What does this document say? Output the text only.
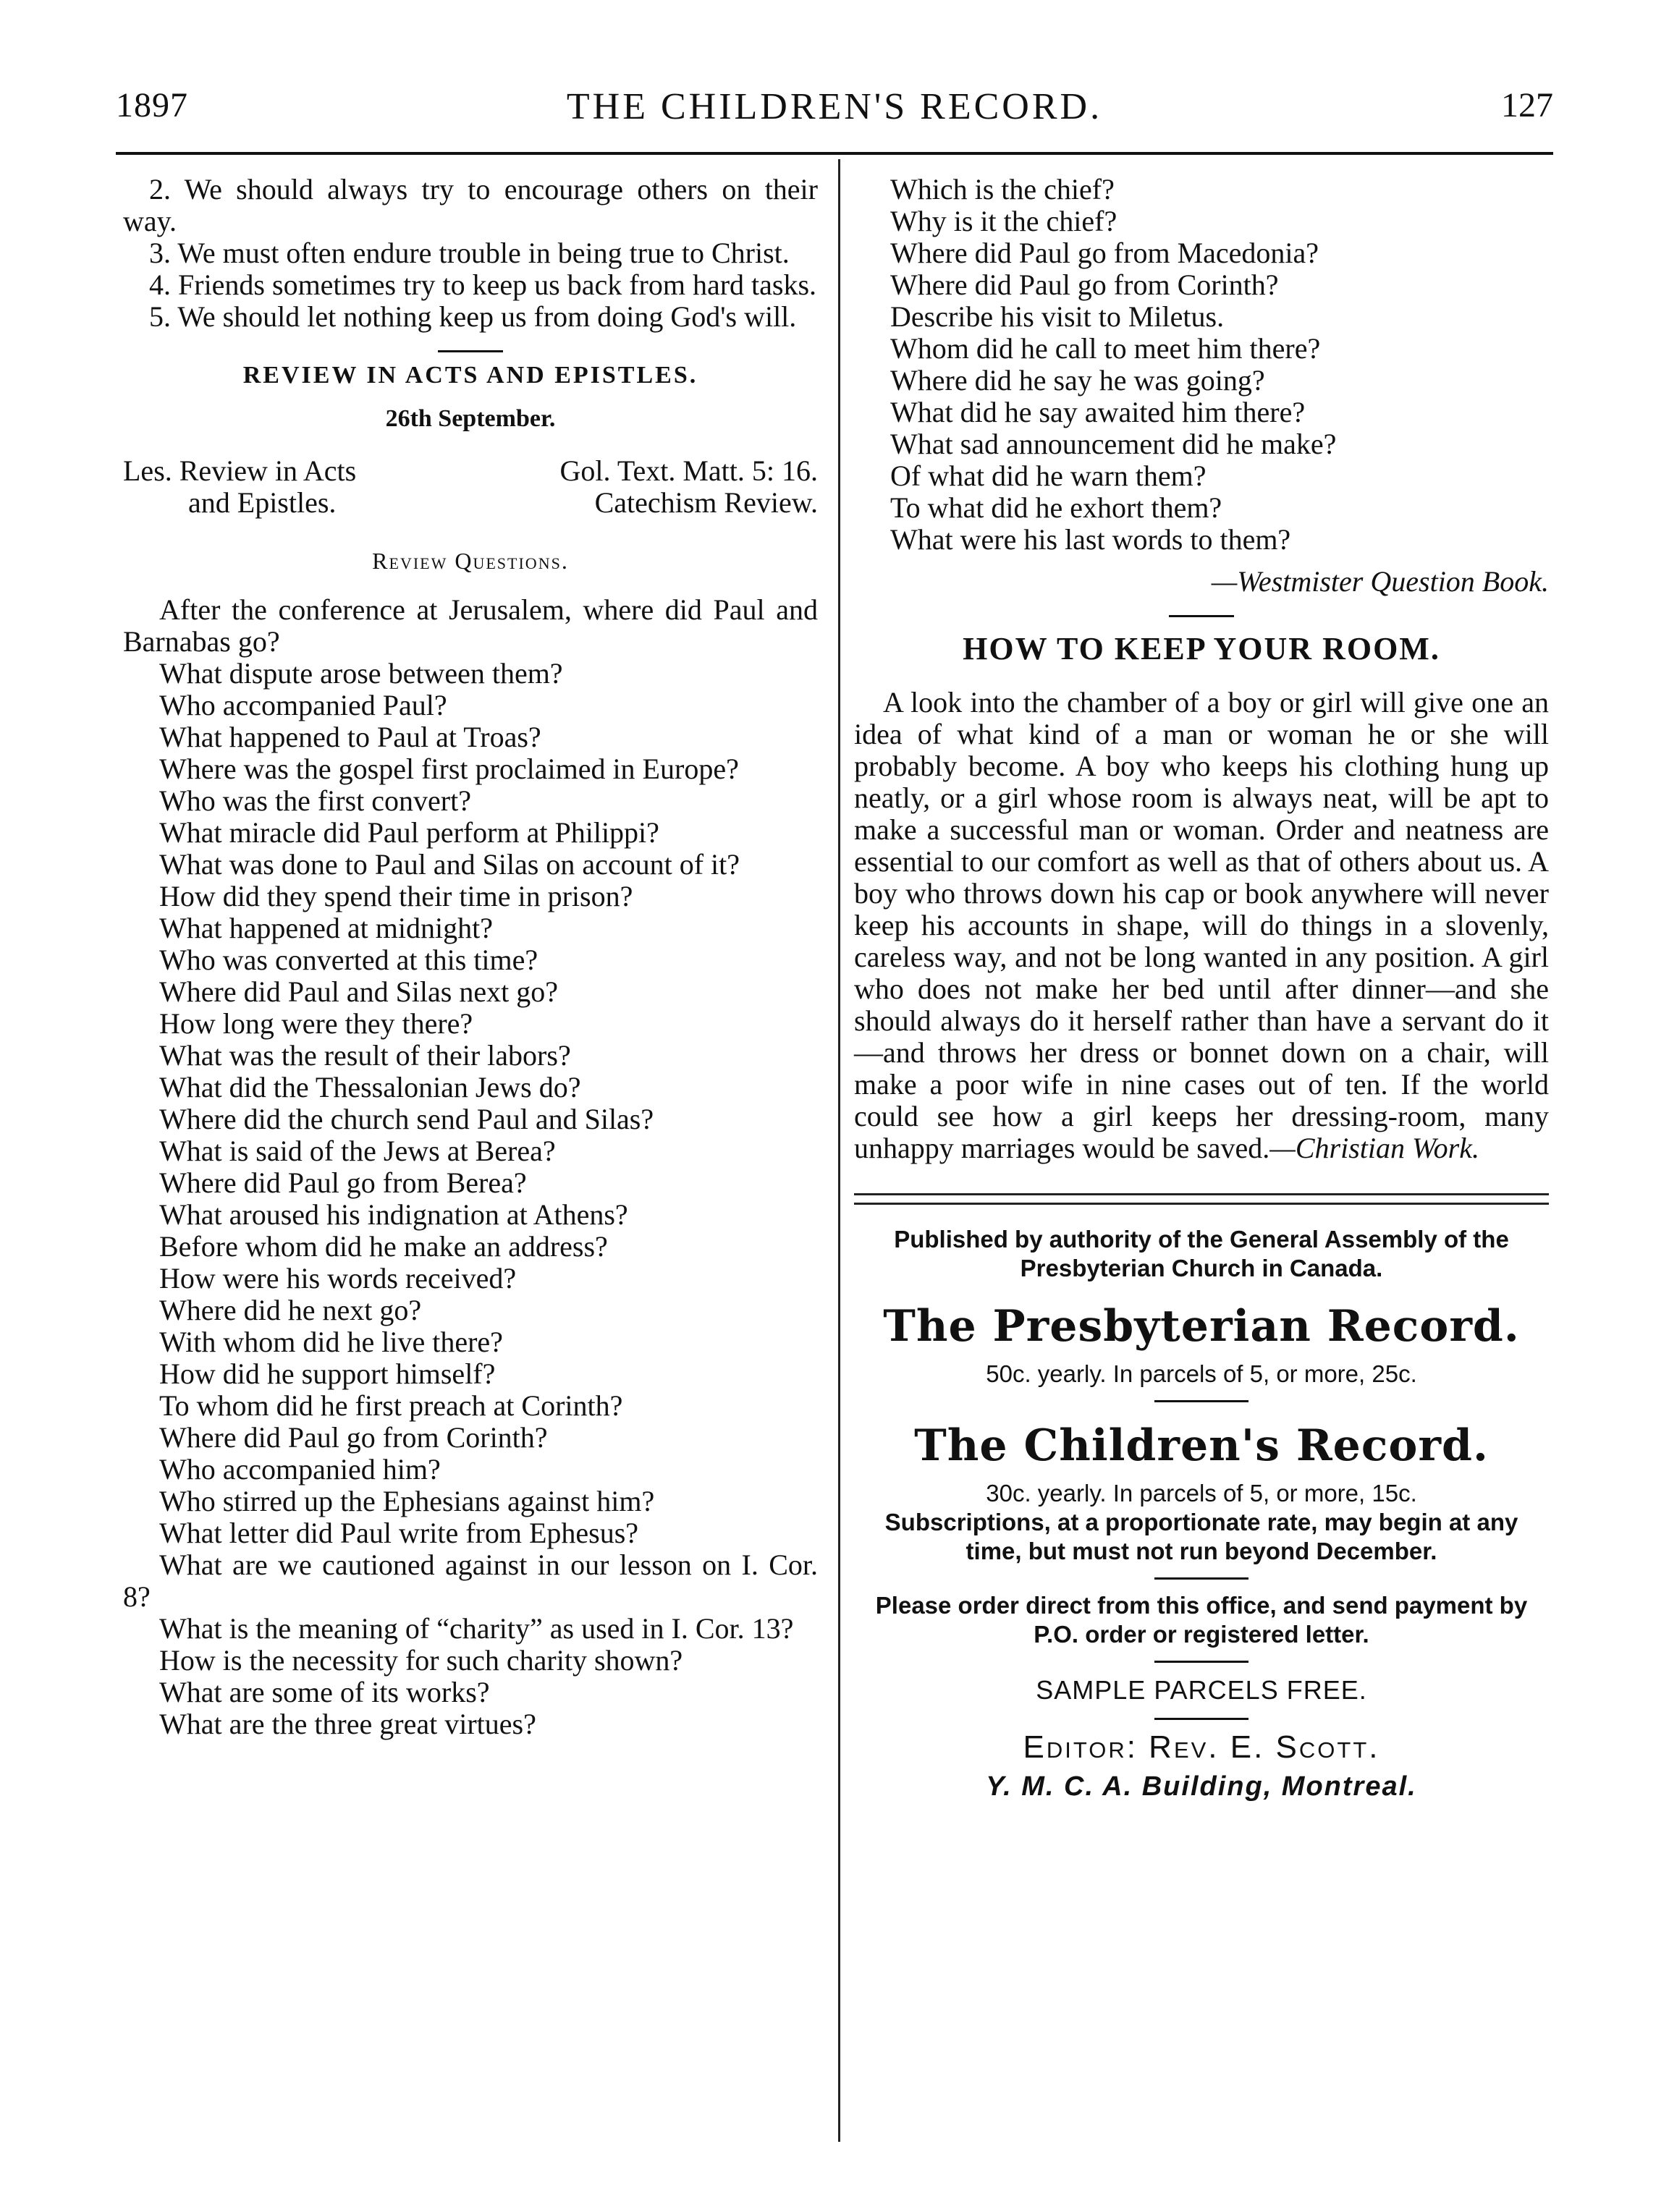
1897	THE CHILDREN'S RECORD.	127

2. We should always try to encourage others on their way.

3. We must often endure trouble in being true to Christ.

4. Friends sometimes try to keep us back from hard tasks.

5. We should let nothing keep us from doing God's will.

REVIEW IN ACTS AND EPISTLES.
26th September.
Les. Review in Acts	Gol. Text. Matt. 5: 16.
and Epistles.	Catechism Review.
Review Questions.

After the conference at Jerusalem, where did Paul and Barnabas go?

What dispute arose between them?

Who accompanied Paul?

What happened to Paul at Troas?

Where was the gospel first proclaimed in Europe?

Who was the first convert?

What miracle did Paul perform at Philippi?

What was done to Paul and Silas on account of it?

How did they spend their time in prison?

What happened at midnight?

Who was converted at this time?

Where did Paul and Silas next go?

How long were they there?

What was the result of their labors?

What did the Thessalonian Jews do?

Where did the church send Paul and Silas?

What is said of the Jews at Berea?

Where did Paul go from Berea?

What aroused his indignation at Athens?

Before whom did he make an address?

How were his words received?

Where did he next go?

With whom did he live there?

How did he support himself?

To whom did he first preach at Corinth?

Where did Paul go from Corinth?

Who accompanied him?

Who stirred up the Ephesians against him?

What letter did Paul write from Ephesus?

What are we cautioned against in our lesson on I. Cor. 8?

What is the meaning of “charity” as used in I. Cor. 13?

How is the necessity for such charity shown?

What are some of its works?

What are the three great virtues?

Which is the chief?

Why is it the chief?

Where did Paul go from Macedonia?

Where did Paul go from Corinth?

Describe his visit to Miletus.

Whom did he call to meet him there?

Where did he say he was going?

What did he say awaited him there?

What sad announcement did he make?

Of what did he warn them?

To what did he exhort them?

What were his last words to them?

—Westmister Question Book.
HOW TO KEEP YOUR ROOM.

A look into the chamber of a boy or girl will give one an idea of what kind of a man or woman he or she will probably become. A boy who keeps his clothing hung up neatly, or a girl whose room is always neat, will be apt to make a successful man or woman. Order and neatness are essential to our comfort as well as that of others about us. A boy who throws down his cap or book anywhere will never keep his accounts in shape, will do things in a slovenly, careless way, and not be long wanted in any position. A girl who does not make her bed until after dinner—and she should always do it herself rather than have a servant do it—and throws her dress or bonnet down on a chair, will make a poor wife in nine cases out of ten. If the world could see how a girl keeps her dressing-room, many unhappy marriages would be saved.—Christian Work.

Published by authority of the General Assembly of the Presbyterian Church in Canada.
The Presbyterian Record.
50c. yearly. In parcels of 5, or more, 25c.
The Children's Record.
30c. yearly. In parcels of 5, or more, 15c.
Subscriptions, at a proportionate rate, may begin at any time, but must not run beyond December.
Please order direct from this office, and send payment by P.O. order or registered letter.
SAMPLE PARCELS FREE.
Editor: Rev. E. Scott.
Y. M. C. A. Building, Montreal.
